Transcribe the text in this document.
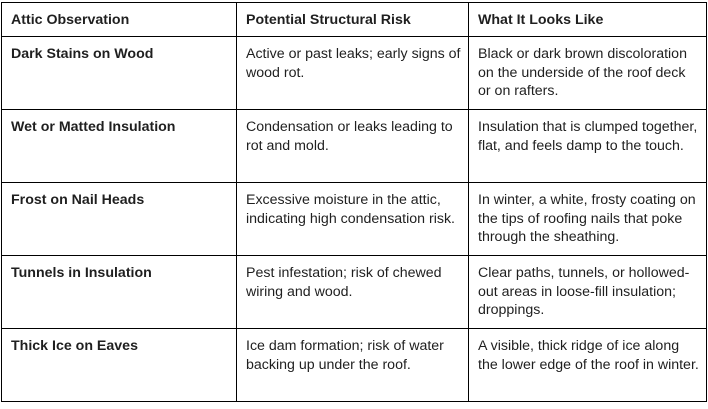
Attic Observation	Potential Structural Risk	What It Looks Like
Dark Stains on Wood	Active or past leaks; early signs of wood rot.	Black or dark brown discoloration on the underside of the roof deck or on rafters.
Wet or Matted Insulation	Condensation or leaks leading to rot and mold.	Insulation that is clumped together, flat, and feels damp to the touch.
Frost on Nail Heads	Excessive moisture in the attic, indicating high condensation risk.	In winter, a white, frosty coating on the tips of roofing nails that poke through the sheathing.
Tunnels in Insulation	Pest infestation; risk of chewed wiring and wood.	Clear paths, tunnels, or hollowed-out areas in loose-fill insulation; droppings.
Thick Ice on Eaves	Ice dam formation; risk of water backing up under the roof.	A visible, thick ridge of ice along the lower edge of the roof in winter.
